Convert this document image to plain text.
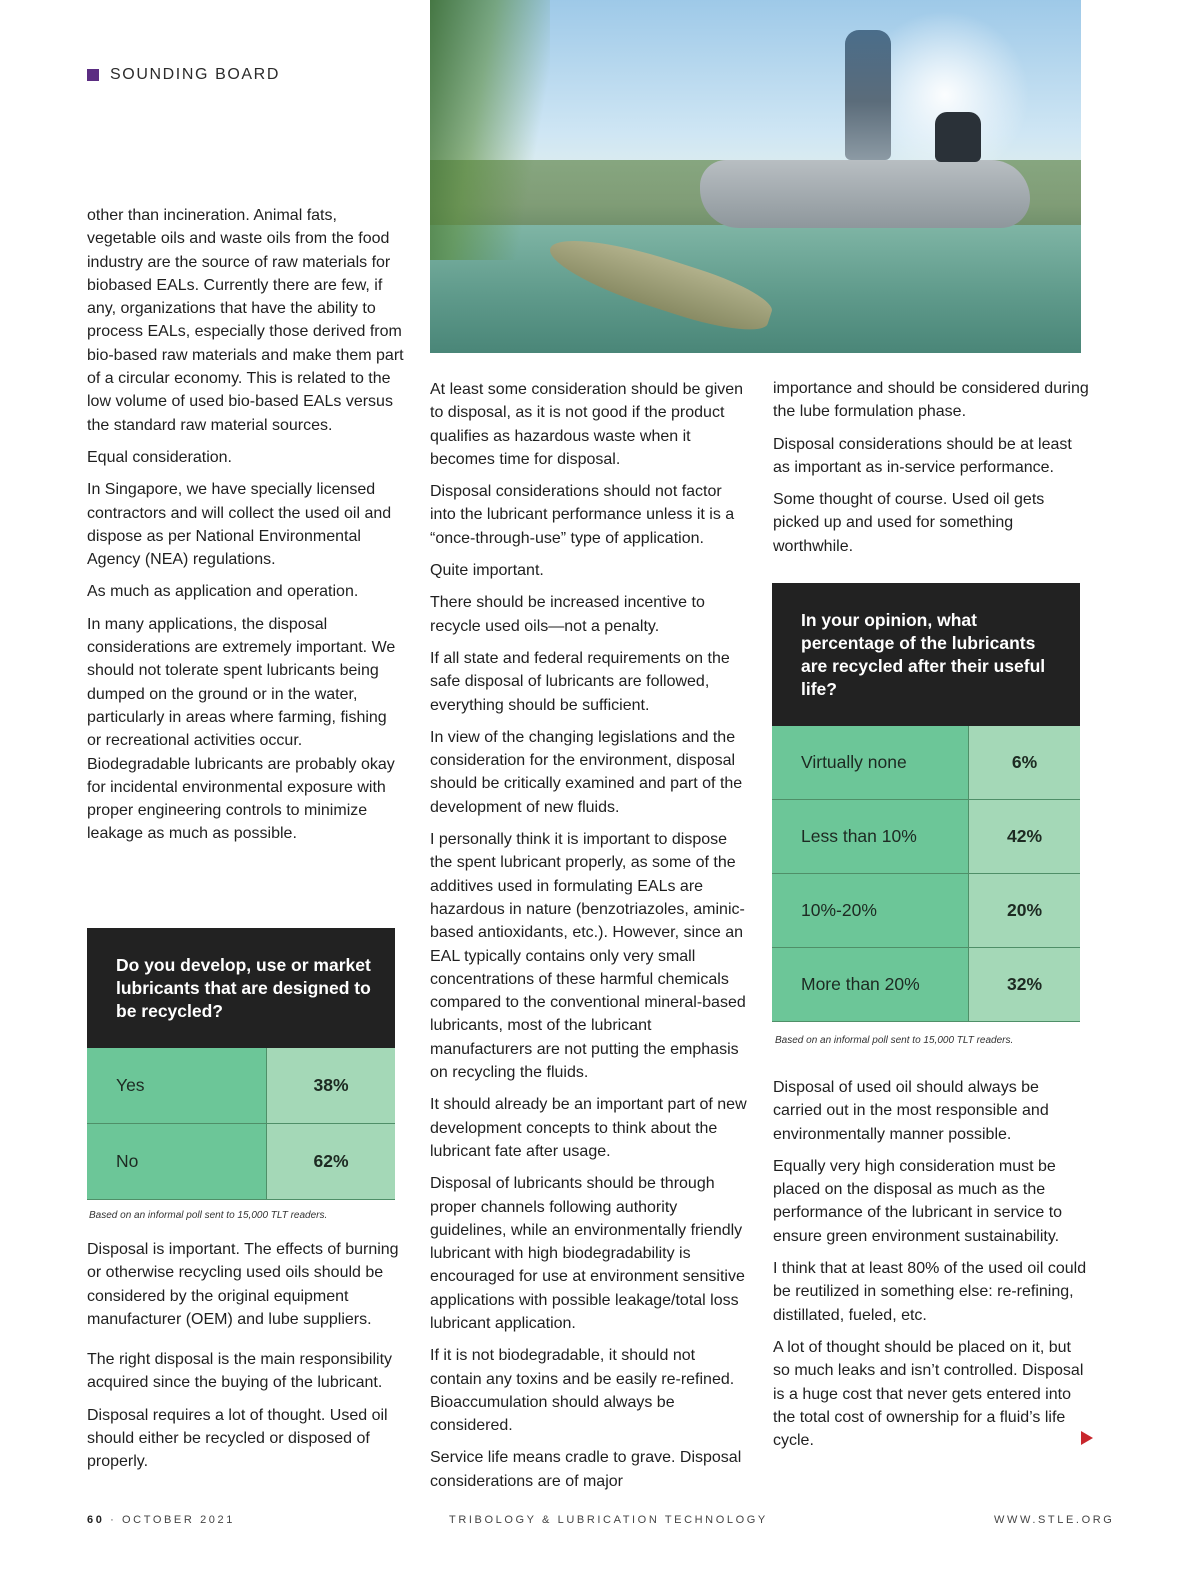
SOUNDING BOARD

other than incineration. Animal fats, vegetable oils and waste oils from the food industry are the source of raw materials for biobased EALs. Currently there are few, if any, organizations that have the ability to process EALs, especially those derived from bio-based raw materials and make them part of a circular economy. This is related to the low volume of used bio-based EALs versus the standard raw material sources.

Equal consideration.

In Singapore, we have specially licensed contractors and will collect the used oil and dispose as per National Environmental Agency (NEA) regulations.

As much as application and operation.

In many applications, the disposal considerations are extremely important. We should not tolerate spent lubricants being dumped on the ground or in the water, particularly in areas where farming, fishing or recreational activities occur. Biodegradable lubricants are probably okay for incidental environmental exposure with proper engineering controls to minimize leakage as much as possible.

Do you develop, use or market lubricants that are designed to be recycled?
Yes	38%
No	62%
Based on an informal poll sent to 15,000 TLT readers.

Disposal is important. The effects of burning or otherwise recycling used oils should be considered by the original equipment manufacturer (OEM) and lube suppliers.

The right disposal is the main responsibility acquired since the buying of the lubricant.

Disposal requires a lot of thought. Used oil should either be recycled or disposed of properly.

At least some consideration should be given to disposal, as it is not good if the product qualifies as hazardous waste when it becomes time for disposal.

Disposal considerations should not factor into the lubricant performance unless it is a “once-through-use” type of application.

Quite important.

There should be increased incentive to recycle used oils—not a penalty.

If all state and federal requirements on the safe disposal of lubricants are followed, everything should be sufficient.

In view of the changing legislations and the consideration for the environment, disposal should be critically examined and part of the development of new fluids.

I personally think it is important to dispose the spent lubricant properly, as some of the additives used in formulating EALs are hazardous in nature (benzotriazoles, aminic-based antioxidants, etc.). However, since an EAL typically contains only very small concentrations of these harmful chemicals compared to the conventional mineral-based lubricants, most of the lubricant manufacturers are not putting the emphasis on recycling the fluids.

It should already be an important part of new development concepts to think about the lubricant fate after usage.

Disposal of lubricants should be through proper channels following authority guidelines, while an environmentally friendly lubricant with high biodegradability is encouraged for use at environment sensitive applications with possible leakage/total loss lubricant application.

If it is not biodegradable, it should not contain any toxins and be easily re-refined. Bioaccumulation should always be considered.

Service life means cradle to grave. Disposal considerations are of major

importance and should be considered during the lube formulation phase.

Disposal considerations should be at least as important as in-service performance.

Some thought of course. Used oil gets picked up and used for something worthwhile.

In your opinion, what percentage of the lubricants are recycled after their useful life?
Virtually none	6%
Less than 10%	42%
10%-20%	20%
More than 20%	32%
Based on an informal poll sent to 15,000 TLT readers.

Disposal of used oil should always be carried out in the most responsible and environmentally manner possible.

Equally very high consideration must be placed on the disposal as much as the performance of the lubricant in service to ensure green environment sustainability.

I think that at least 80% of the used oil could be reutilized in something else: re-refining, distillated, fueled, etc.

A lot of thought should be placed on it, but so much leaks and isn’t controlled. Disposal is a huge cost that never gets entered into the total cost of ownership for a fluid’s life cycle.

60 · OCTOBER 2021	TRIBOLOGY & LUBRICATION TECHNOLOGY	WWW.STLE.ORG
